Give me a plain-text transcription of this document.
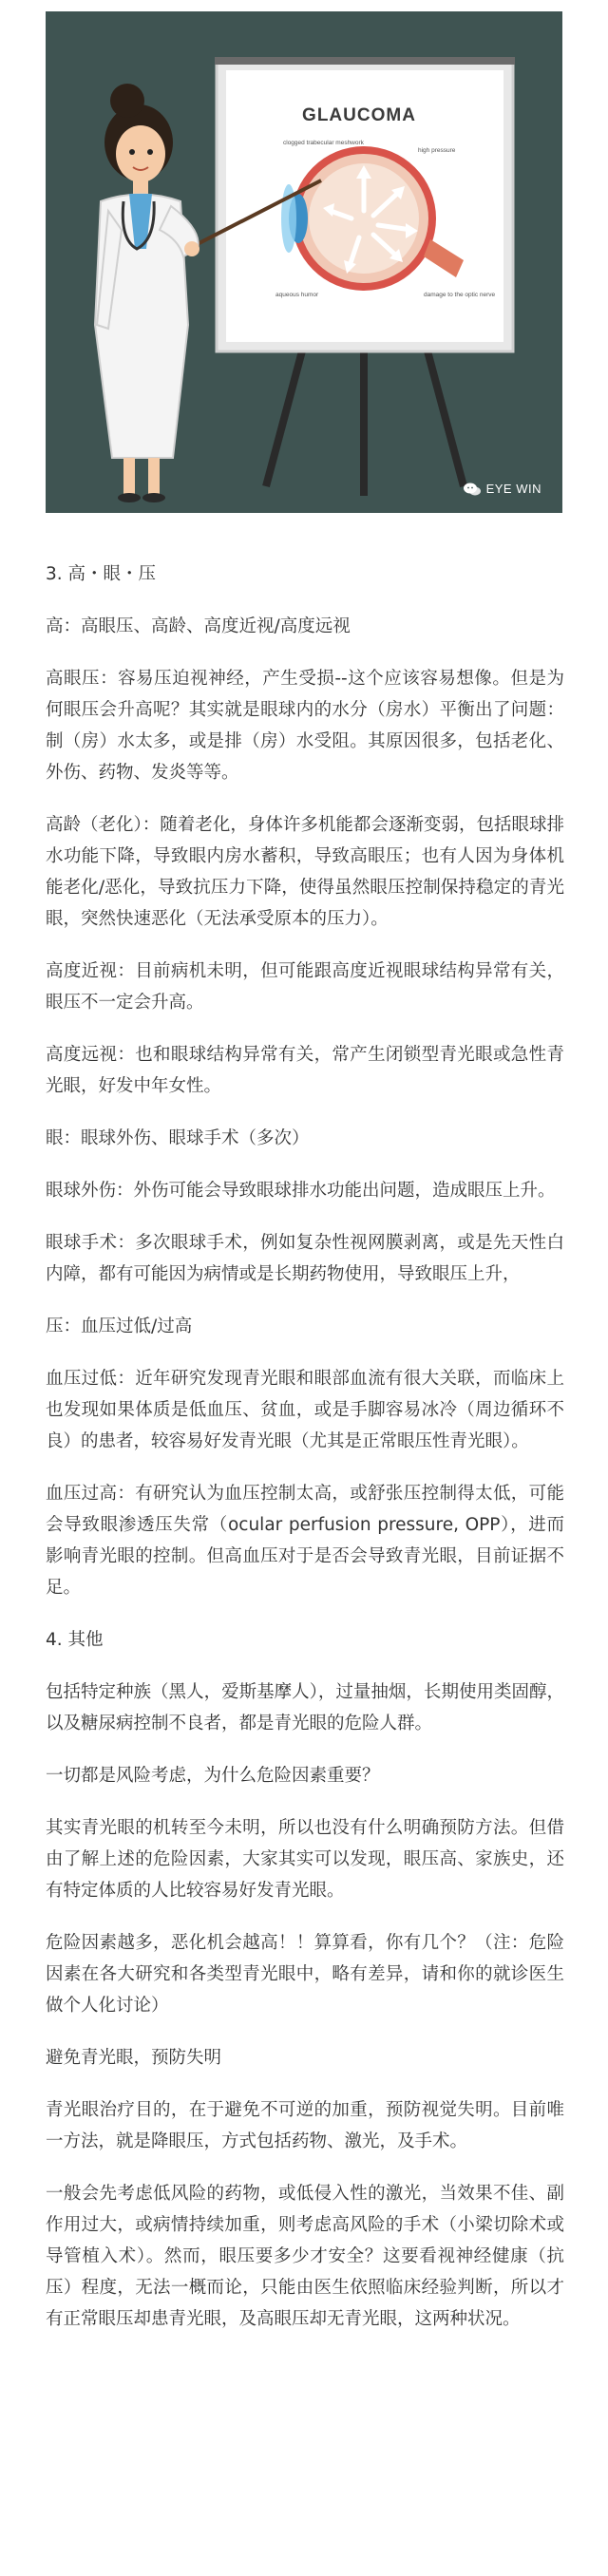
GLAUCOMA
clogged trabecular meshwork
high pressure
aqueous humor	damage to the optic nerve
EYE WIN

3. 高・眼・压

高：高眼压、高龄、高度近视/高度远视

高眼压：容易压迫视神经，产生受损--这个应该容易想像。但是为何眼压会升高呢？其实就是眼球内的水分（房水）平衡出了问题：制（房）水太多，或是排（房）水受阻。其原因很多，包括老化、外伤、药物、发炎等等。

高龄（老化）：随着老化，身体许多机能都会逐渐变弱，包括眼球排水功能下降，导致眼内房水蓄积，导致高眼压；也有人因为身体机能老化/恶化，导致抗压力下降，使得虽然眼压控制保持稳定的青光眼，突然快速恶化（无法承受原本的压力）。

高度近视：目前病机未明，但可能跟高度近视眼球结构异常有关，眼压不一定会升高。

高度远视：也和眼球结构异常有关，常产生闭锁型青光眼或急性青光眼，好发中年女性。

眼：眼球外伤、眼球手术（多次）

眼球外伤：外伤可能会导致眼球排水功能出问题，造成眼压上升。

眼球手术：多次眼球手术，例如复杂性视网膜剥离，或是先天性白内障，都有可能因为病情或是长期药物使用，导致眼压上升，

压：血压过低/过高

血压过低：近年研究发现青光眼和眼部血流有很大关联，而临床上也发现如果体质是低血压、贫血，或是手脚容易冰冷（周边循环不良）的患者，较容易好发青光眼（尤其是正常眼压性青光眼）。

血压过高：有研究认为血压控制太高，或舒张压控制得太低，可能会导致眼渗透压失常（ocular perfusion pressure, OPP），进而影响青光眼的控制。但高血压对于是否会导致青光眼，目前证据不足。

4. 其他

包括特定种族（黑人，爱斯基摩人），过量抽烟，长期使用类固醇，以及糖尿病控制不良者，都是青光眼的危险人群。

一切都是风险考虑，为什么危险因素重要？

其实青光眼的机转至今未明，所以也没有什么明确预防方法。但借由了解上述的危险因素，大家其实可以发现，眼压高、家族史，还有特定体质的人比较容易好发青光眼。

危险因素越多，恶化机会越高！！算算看，你有几个？（注：危险因素在各大研究和各类型青光眼中，略有差异，请和你的就诊医生做个人化讨论）

避免青光眼，预防失明

青光眼治疗目的，在于避免不可逆的加重，预防视觉失明。目前唯一方法，就是降眼压，方式包括药物、激光，及手术。

一般会先考虑低风险的药物，或低侵入性的激光，当效果不佳、副作用过大，或病情持续加重，则考虑高风险的手术（小梁切除术或导管植入术）。然而，眼压要多少才安全？这要看视神经健康（抗压）程度，无法一概而论，只能由医生依照临床经验判断，所以才有正常眼压却患青光眼，及高眼压却无青光眼，这两种状况。
